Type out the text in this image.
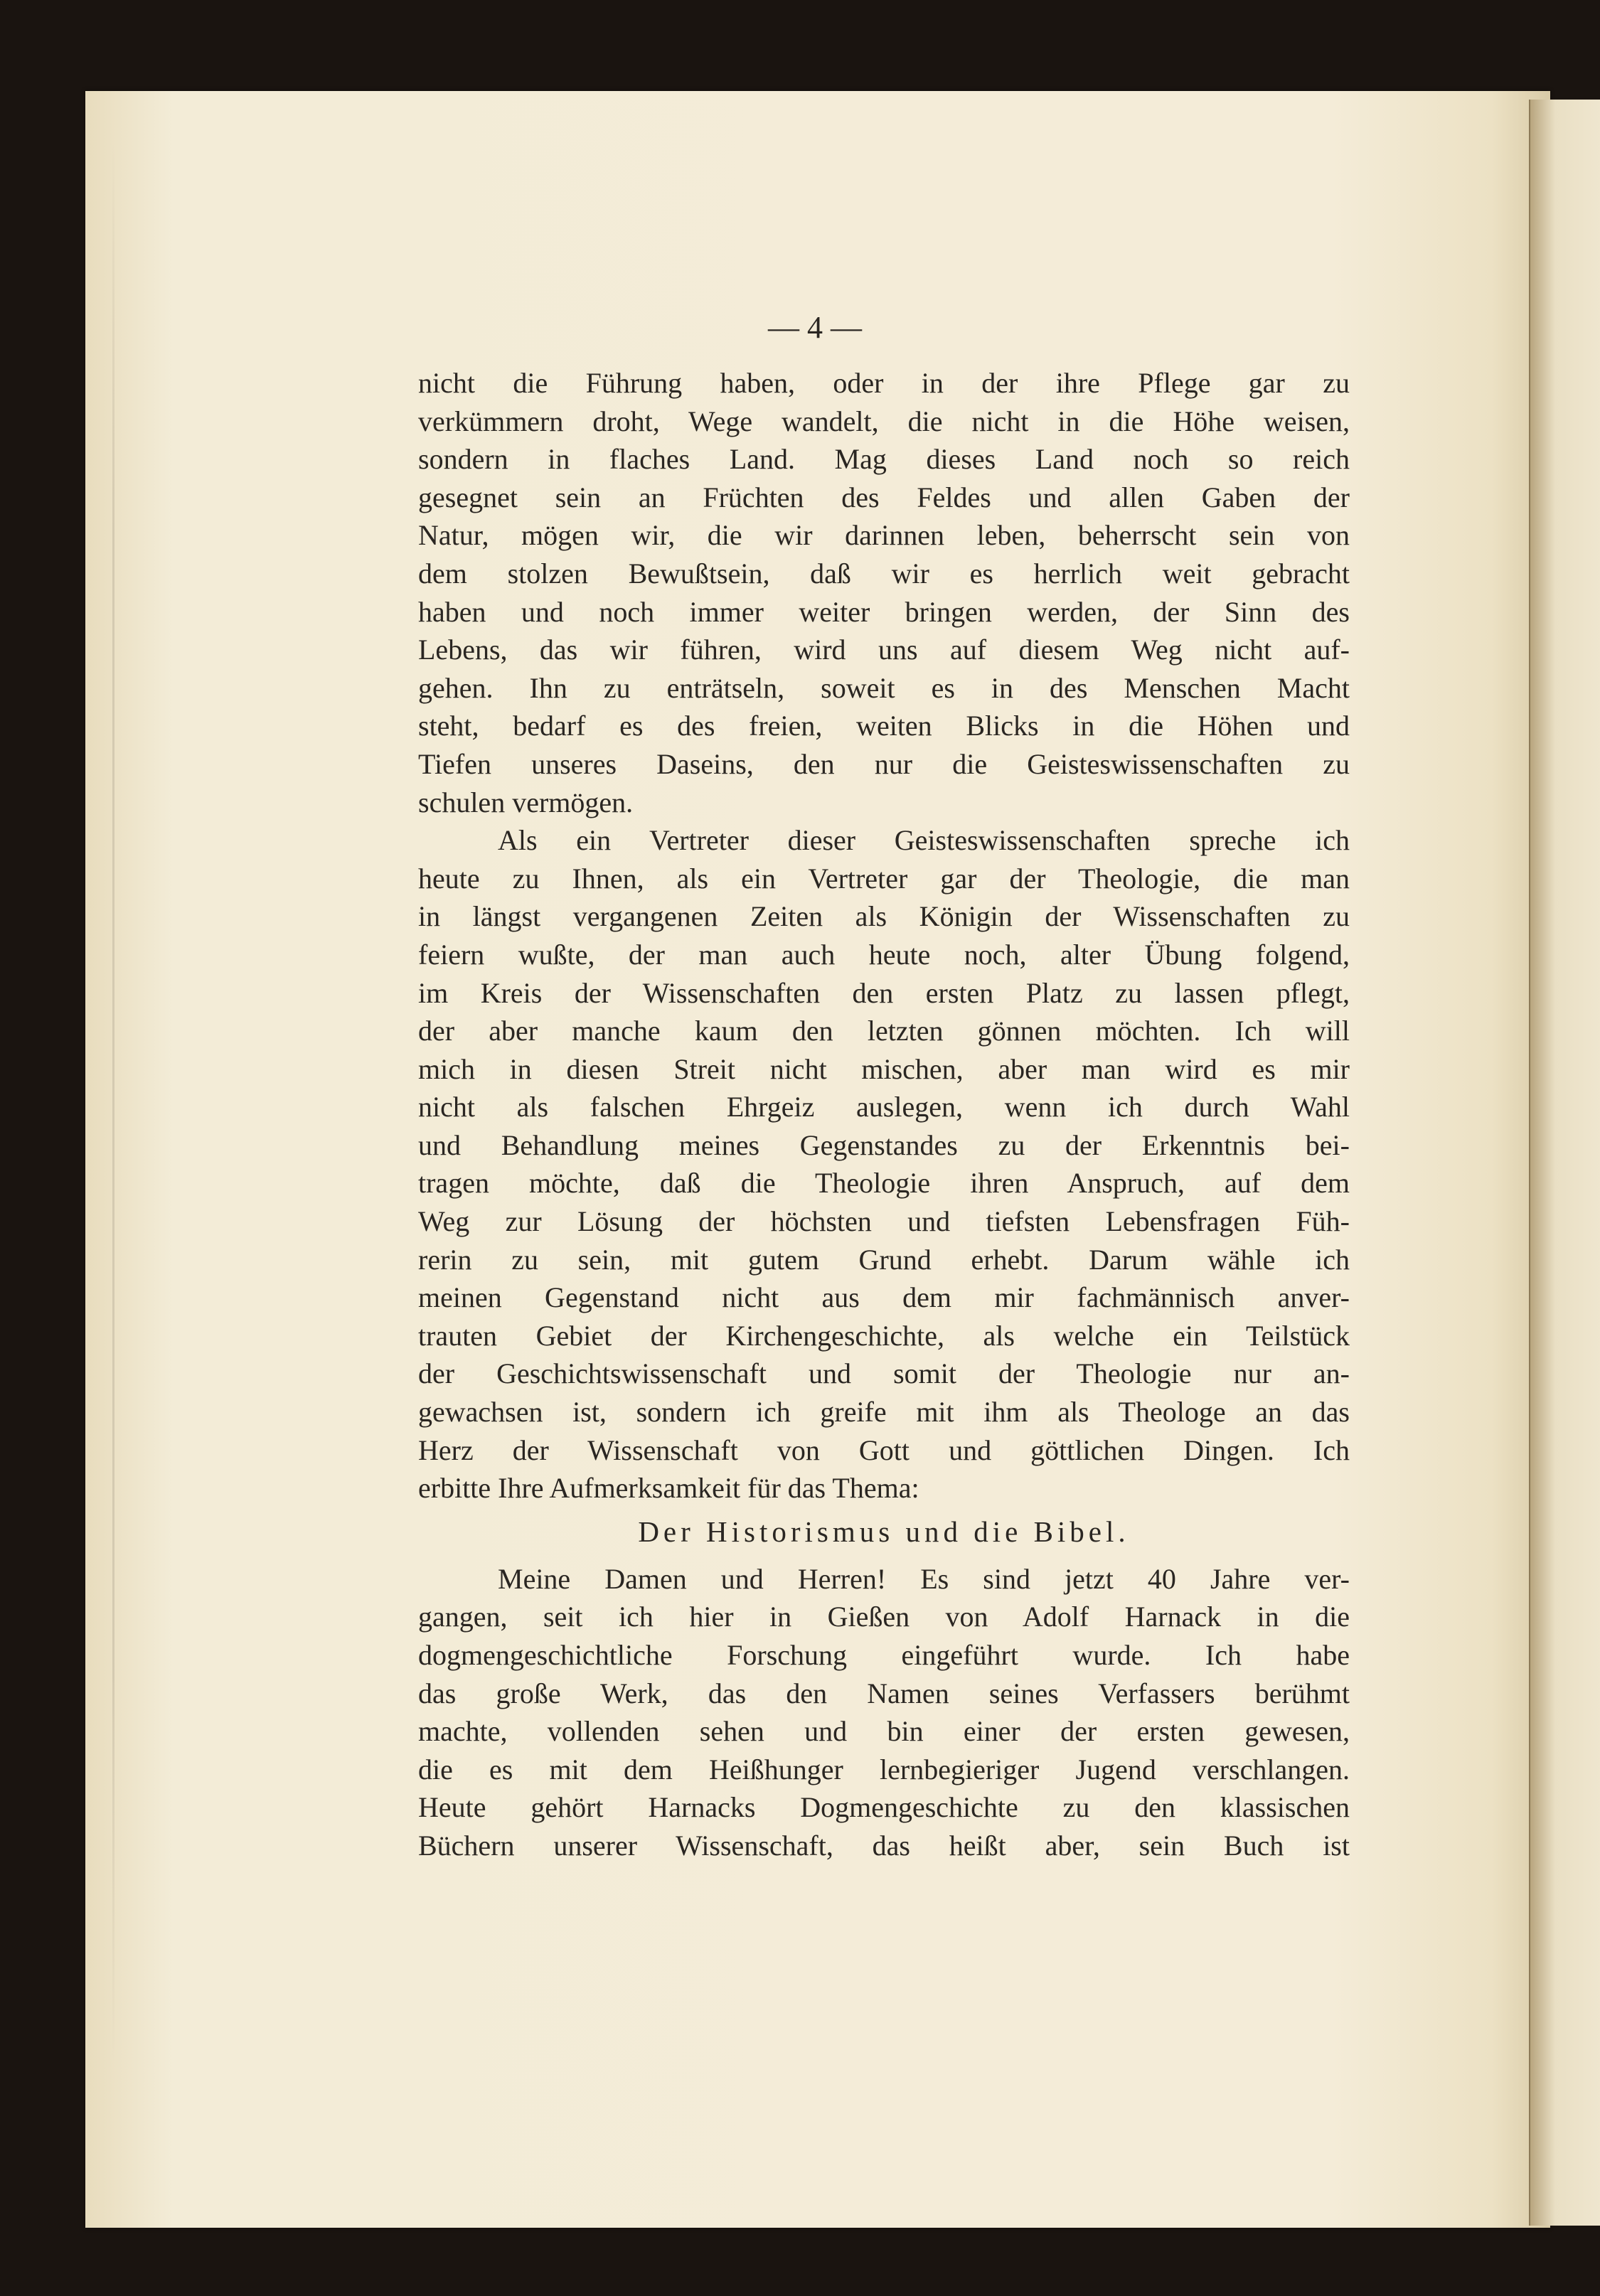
— 4 —
nicht die Führung haben, oder in der ihre Pflege gar zu
verkümmern droht, Wege wandelt, die nicht in die Höhe weisen,
sondern in flaches Land. Mag dieses Land noch so reich
gesegnet sein an Früchten des Feldes und allen Gaben der
Natur, mögen wir, die wir darinnen leben, beherrscht sein von
dem stolzen Bewußtsein, daß wir es herrlich weit gebracht
haben und noch immer weiter bringen werden, der Sinn des
Lebens, das wir führen, wird uns auf diesem Weg nicht auf-
gehen. Ihn zu enträtseln, soweit es in des Menschen Macht
steht, bedarf es des freien, weiten Blicks in die Höhen und
Tiefen unseres Daseins, den nur die Geisteswissenschaften zu
schulen vermögen.
Als ein Vertreter dieser Geisteswissenschaften spreche ich
heute zu Ihnen, als ein Vertreter gar der Theologie, die man
in längst vergangenen Zeiten als Königin der Wissenschaften zu
feiern wußte, der man auch heute noch, alter Übung folgend,
im Kreis der Wissenschaften den ersten Platz zu lassen pflegt,
der aber manche kaum den letzten gönnen möchten. Ich will
mich in diesen Streit nicht mischen, aber man wird es mir
nicht als falschen Ehrgeiz auslegen, wenn ich durch Wahl
und Behandlung meines Gegenstandes zu der Erkenntnis bei-
tragen möchte, daß die Theologie ihren Anspruch, auf dem
Weg zur Lösung der höchsten und tiefsten Lebensfragen Füh-
rerin zu sein, mit gutem Grund erhebt. Darum wähle ich
meinen Gegenstand nicht aus dem mir fachmännisch anver-
trauten Gebiet der Kirchengeschichte, als welche ein Teilstück
der Geschichtswissenschaft und somit der Theologie nur an-
gewachsen ist, sondern ich greife mit ihm als Theologe an das
Herz der Wissenschaft von Gott und göttlichen Dingen. Ich
erbitte Ihre Aufmerksamkeit für das Thema:
Der Historismus und die Bibel.
Meine Damen und Herren! Es sind jetzt 40 Jahre ver-
gangen, seit ich hier in Gießen von Adolf Harnack in die
dogmengeschichtliche Forschung eingeführt wurde. Ich habe
das große Werk, das den Namen seines Verfassers berühmt
machte, vollenden sehen und bin einer der ersten gewesen,
die es mit dem Heißhunger lernbegieriger Jugend verschlangen.
Heute gehört Harnacks Dogmengeschichte zu den klassischen
Büchern unserer Wissenschaft, das heißt aber, sein Buch ist
